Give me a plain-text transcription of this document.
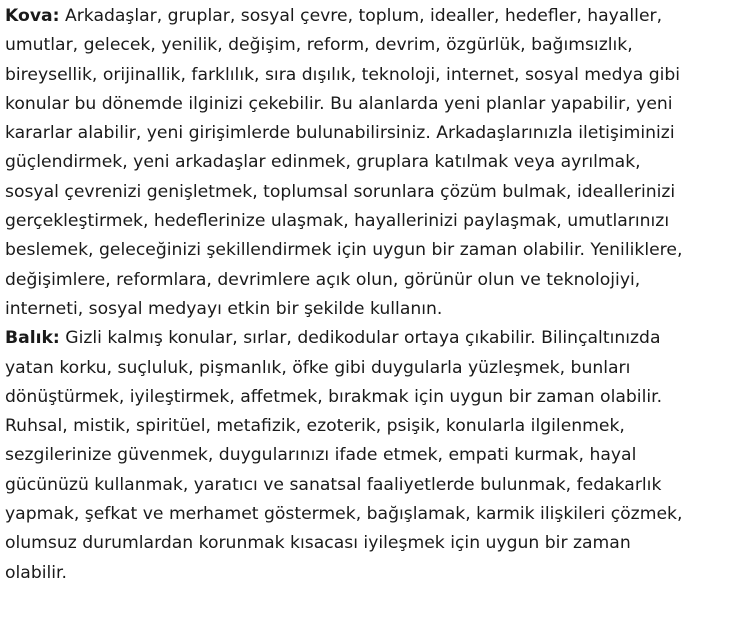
Kova: Arkadaşlar, gruplar, sosyal çevre, toplum, idealler, hedefler, hayaller,
umutlar, gelecek, yenilik, değişim, reform, devrim, özgürlük, bağımsızlık,
bireysellik, orijinallik, farklılık, sıra dışılık, teknoloji, internet, sosyal medya gibi
konular bu dönemde ilginizi çekebilir. Bu alanlarda yeni planlar yapabilir, yeni
kararlar alabilir, yeni girişimlerde bulunabilirsiniz. Arkadaşlarınızla iletişiminizi
güçlendirmek, yeni arkadaşlar edinmek, gruplara katılmak veya ayrılmak,
sosyal çevrenizi genişletmek, toplumsal sorunlara çözüm bulmak, ideallerinizi
gerçekleştirmek, hedeflerinize ulaşmak, hayallerinizi paylaşmak, umutlarınızı
beslemek, geleceğinizi şekillendirmek için uygun bir zaman olabilir. Yeniliklere,
değişimlere, reformlara, devrimlere açık olun, görünür olun ve teknolojiyi,
interneti, sosyal medyayı etkin bir şekilde kullanın.

Balık: Gizli kalmış konular, sırlar, dedikodular ortaya çıkabilir. Bilinçaltınızda
yatan korku, suçluluk, pişmanlık, öfke gibi duygularla yüzleşmek, bunları
dönüştürmek, iyileştirmek, affetmek, bırakmak için uygun bir zaman olabilir.
Ruhsal, mistik, spiritüel, metafizik, ezoterik, psişik, konularla ilgilenmek,
sezgilerinize güvenmek, duygularınızı ifade etmek, empati kurmak, hayal
gücünüzü kullanmak, yaratıcı ve sanatsal faaliyetlerde bulunmak, fedakarlık
yapmak, şefkat ve merhamet göstermek, bağışlamak, karmik ilişkileri çözmek,
olumsuz durumlardan korunmak kısacası iyileşmek için uygun bir zaman
olabilir.
